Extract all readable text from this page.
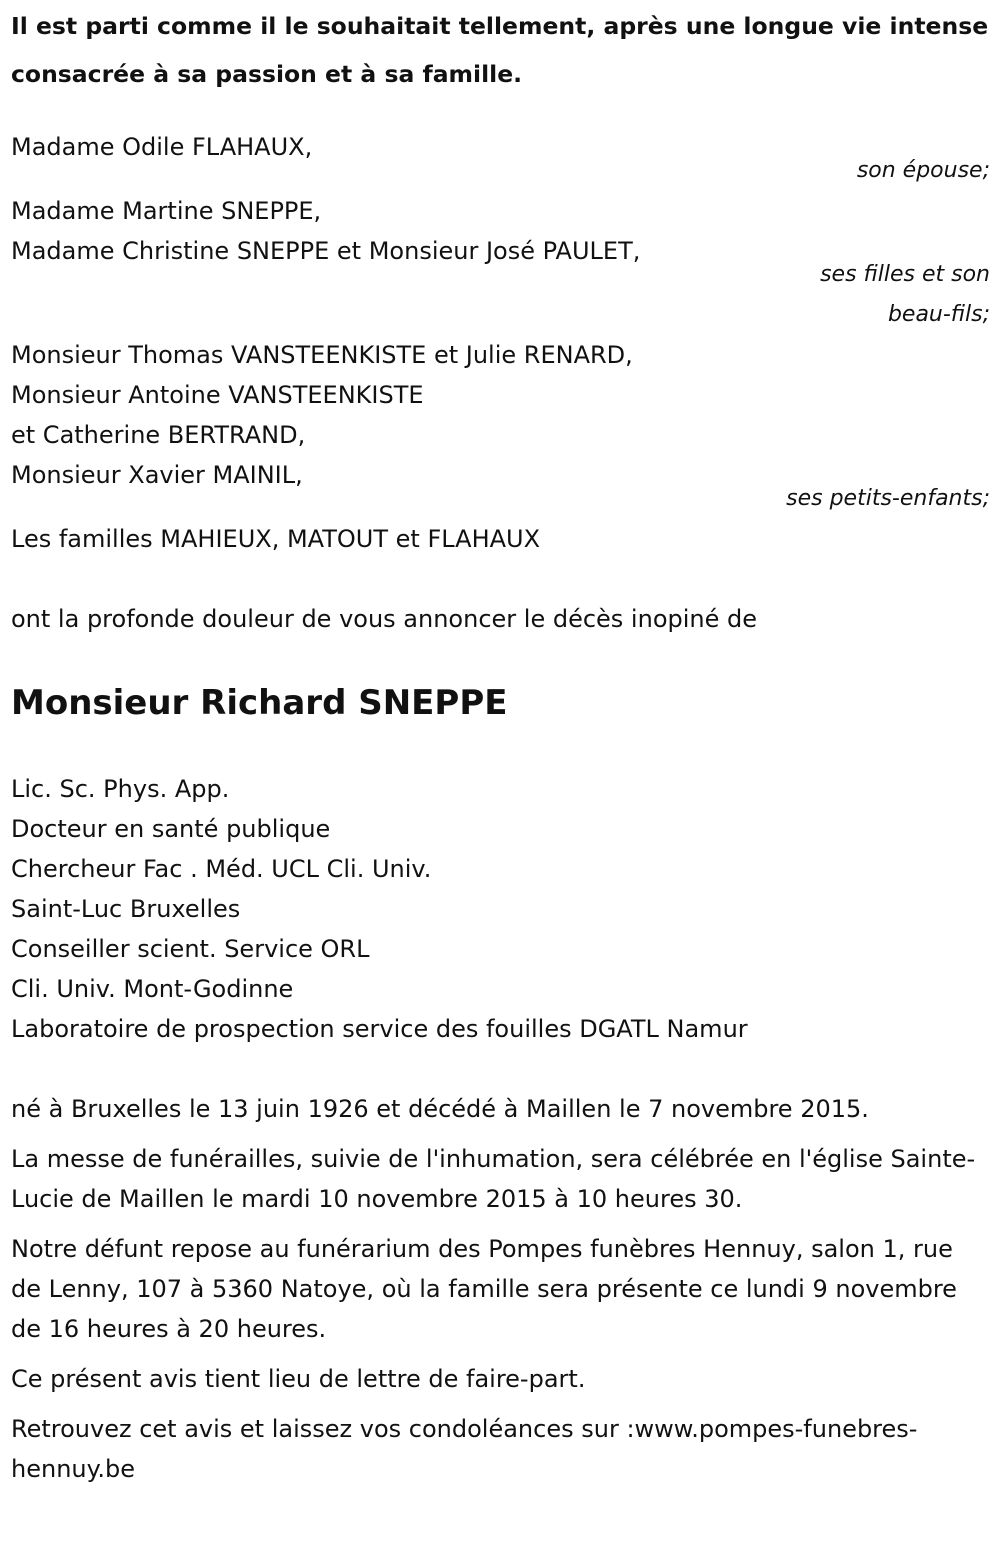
Il est parti comme il le souhaitait tellement, après une longue vie intense

consacrée à sa passion et à sa famille.

Madame Odile FLAHAUX,
son épouse;
Madame Martine SNEPPE,
Madame Christine SNEPPE et Monsieur José PAULET,
ses filles et son
beau-fils;
Monsieur Thomas VANSTEENKISTE et Julie RENARD,
Monsieur Antoine VANSTEENKISTE
et Catherine BERTRAND,
Monsieur Xavier MAINIL,
ses petits-enfants;
Les familles MAHIEUX, MATOUT et FLAHAUX
ont la profonde douleur de vous annoncer le décès inopiné de
Monsieur Richard SNEPPE
Lic. Sc. Phys. App.
Docteur en santé publique
Chercheur Fac . Méd. UCL Cli. Univ.
Saint-Luc Bruxelles
Conseiller scient. Service ORL
Cli. Univ. Mont-Godinne
Laboratoire de prospection service des fouilles DGATL Namur

né à Bruxelles le 13 juin 1926 et décédé à Maillen le 7 novembre 2015.

La messe de funérailles, suivie de l'inhumation, sera célébrée en l'église Sainte-Lucie de Maillen le mardi 10 novembre 2015 à 10 heures 30.

Notre défunt repose au funérarium des Pompes funèbres Hennuy, salon 1, rue de Lenny, 107 à 5360 Natoye, où la famille sera présente ce lundi 9 novembre de 16 heures à 20 heures.

Ce présent avis tient lieu de lettre de faire-part.

Retrouvez cet avis et laissez vos condoléances sur :www.pompes-funebres-hennuy.be
